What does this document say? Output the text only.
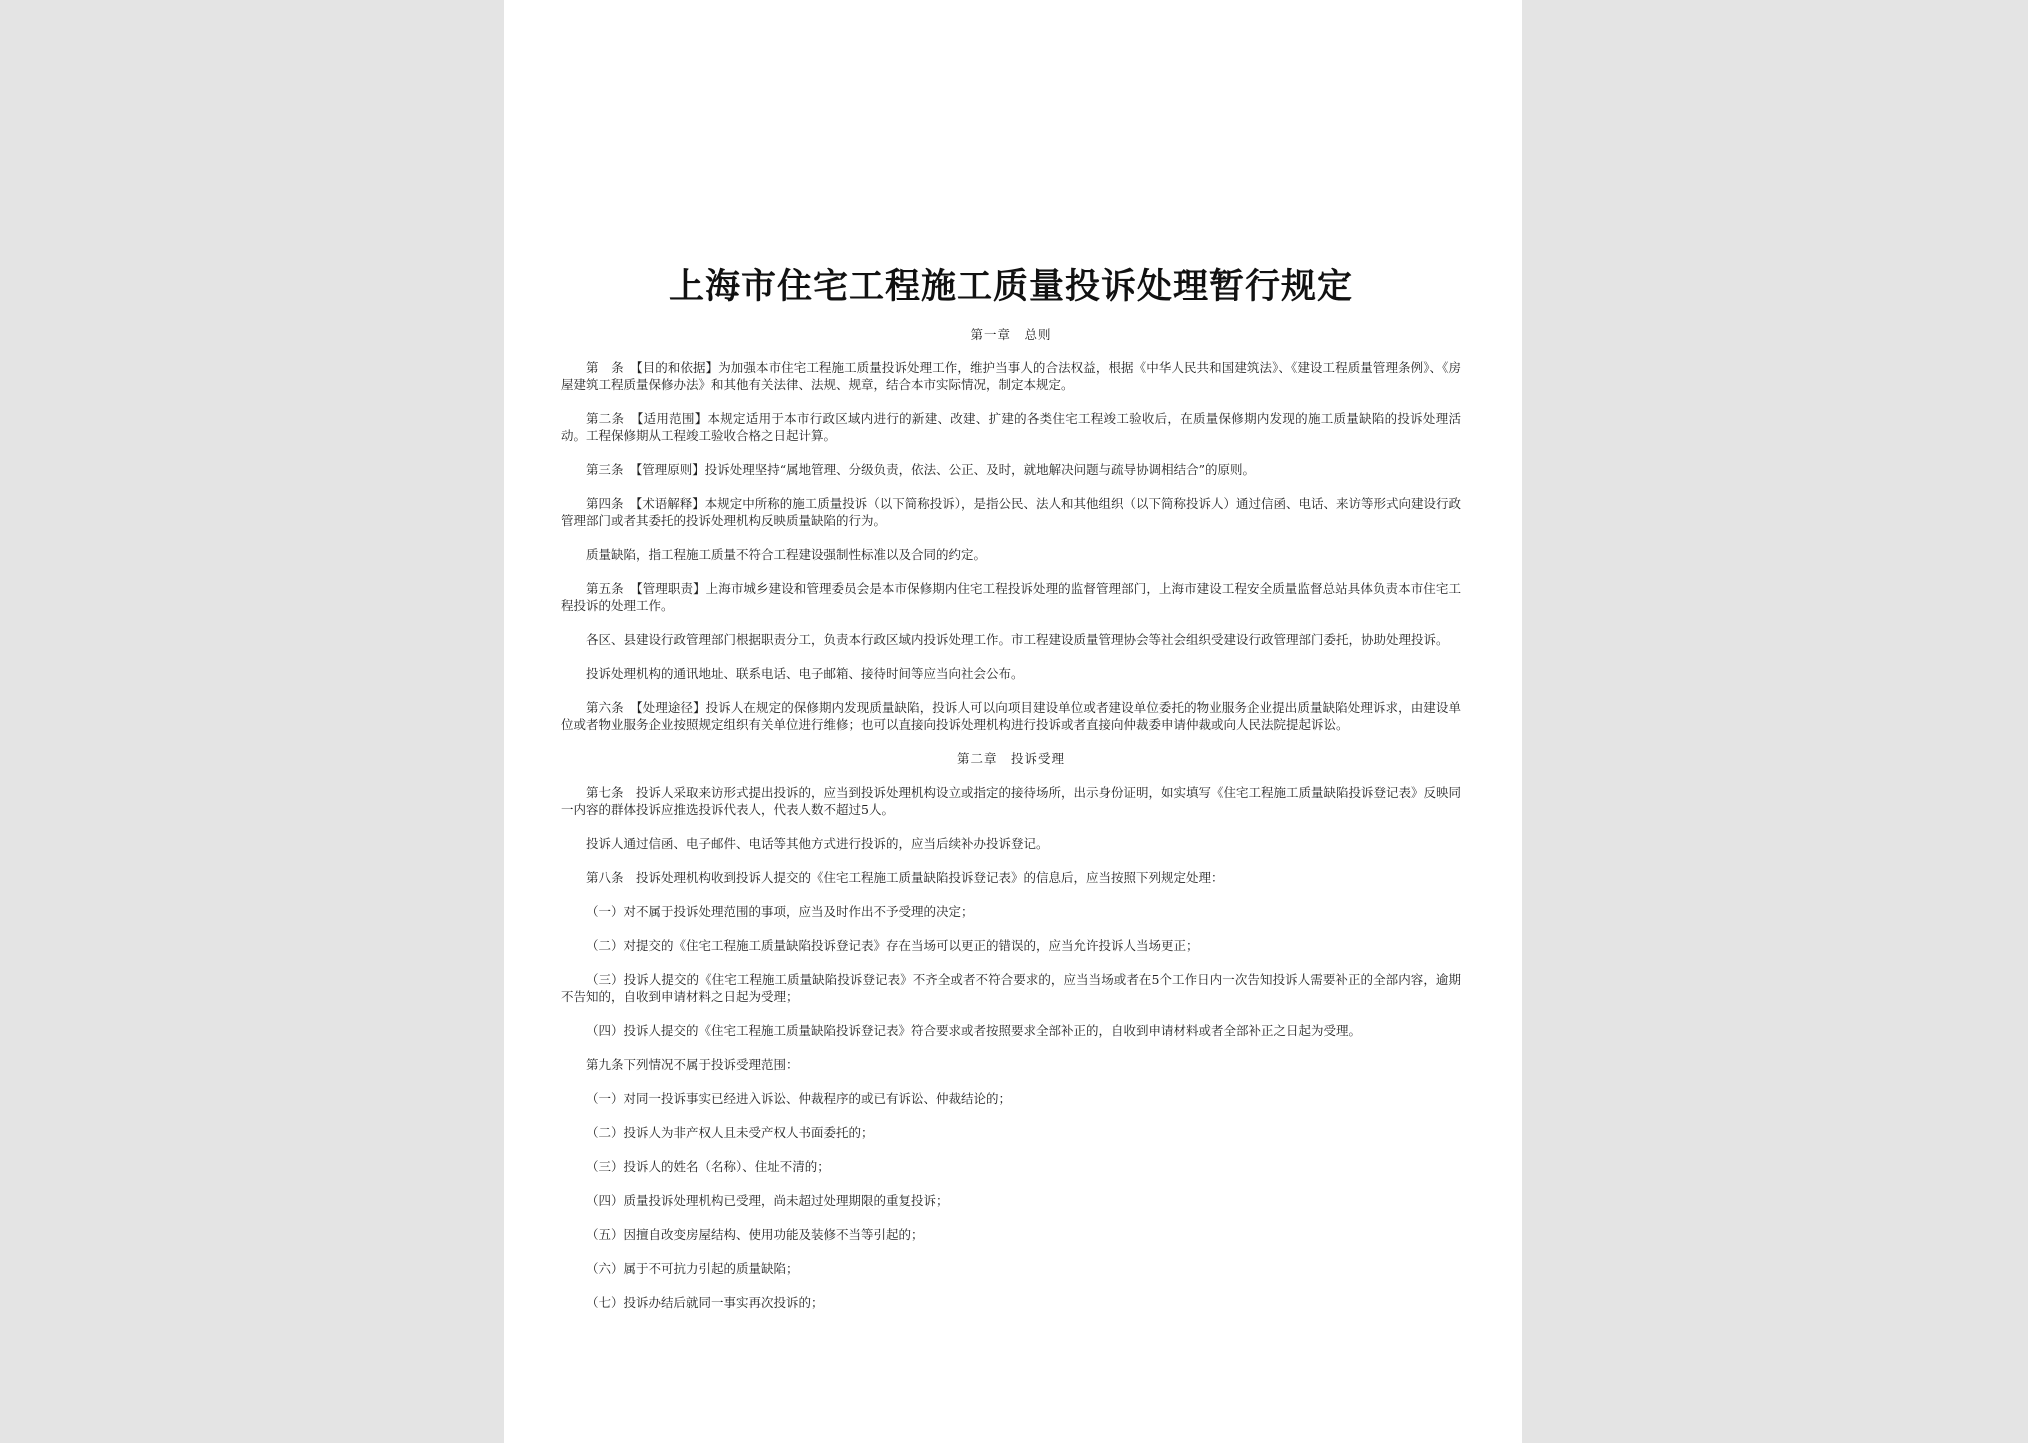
上海市住宅工程施工质量投诉处理暂行规定
第一章　总则

第　条　【目的和依据】为加强本市住宅工程施工质量投诉处理工作，维护当事人的合法权益，根据《中华人民共和国建筑法》、《建设工程质量管理条例》、《房屋建筑工程质量保修办法》和其他有关法律、法规、规章，结合本市实际情况，制定本规定。

第二条　【适用范围】本规定适用于本市行政区域内进行的新建、改建、扩建的各类住宅工程竣工验收后，在质量保修期内发现的施工质量缺陷的投诉处理活动。工程保修期从工程竣工验收合格之日起计算。

第三条　【管理原则】投诉处理坚持“属地管理、分级负责，依法、公正、及时，就地解决问题与疏导协调相结合”的原则。

第四条　【术语解释】本规定中所称的施工质量投诉（以下简称投诉），是指公民、法人和其他组织（以下简称投诉人）通过信函、电话、来访等形式向建设行政管理部门或者其委托的投诉处理机构反映质量缺陷的行为。

质量缺陷，指工程施工质量不符合工程建设强制性标准以及合同的约定。

第五条　【管理职责】上海市城乡建设和管理委员会是本市保修期内住宅工程投诉处理的监督管理部门，上海市建设工程安全质量监督总站具体负责本市住宅工程投诉的处理工作。

各区、县建设行政管理部门根据职责分工，负责本行政区域内投诉处理工作。市工程建设质量管理协会等社会组织受建设行政管理部门委托，协助处理投诉。

投诉处理机构的通讯地址、联系电话、电子邮箱、接待时间等应当向社会公布。

第六条　【处理途径】投诉人在规定的保修期内发现质量缺陷，投诉人可以向项目建设单位或者建设单位委托的物业服务企业提出质量缺陷处理诉求，由建设单位或者物业服务企业按照规定组织有关单位进行维修；也可以直接向投诉处理机构进行投诉或者直接向仲裁委申请仲裁或向人民法院提起诉讼。

第二章　投诉受理

第七条　投诉人采取来访形式提出投诉的，应当到投诉处理机构设立或指定的接待场所，出示身份证明，如实填写《住宅工程施工质量缺陷投诉登记表》反映同一内容的群体投诉应推选投诉代表人，代表人数不超过5人。

投诉人通过信函、电子邮件、电话等其他方式进行投诉的，应当后续补办投诉登记。

第八条　投诉处理机构收到投诉人提交的《住宅工程施工质量缺陷投诉登记表》的信息后，应当按照下列规定处理：

（一）对不属于投诉处理范围的事项，应当及时作出不予受理的决定；

（二）对提交的《住宅工程施工质量缺陷投诉登记表》存在当场可以更正的错误的，应当允许投诉人当场更正；

（三）投诉人提交的《住宅工程施工质量缺陷投诉登记表》不齐全或者不符合要求的，应当当场或者在5个工作日内一次告知投诉人需要补正的全部内容，逾期不告知的，自收到申请材料之日起为受理；

（四）投诉人提交的《住宅工程施工质量缺陷投诉登记表》符合要求或者按照要求全部补正的，自收到申请材料或者全部补正之日起为受理。

第九条下列情况不属于投诉受理范围：

（一）对同一投诉事实已经进入诉讼、仲裁程序的或已有诉讼、仲裁结论的；

（二）投诉人为非产权人且未受产权人书面委托的；

（三）投诉人的姓名（名称）、住址不清的；

（四）质量投诉处理机构已受理，尚未超过处理期限的重复投诉；

（五）因擅自改变房屋结构、使用功能及装修不当等引起的；

（六）属于不可抗力引起的质量缺陷；

（七）投诉办结后就同一事实再次投诉的；
